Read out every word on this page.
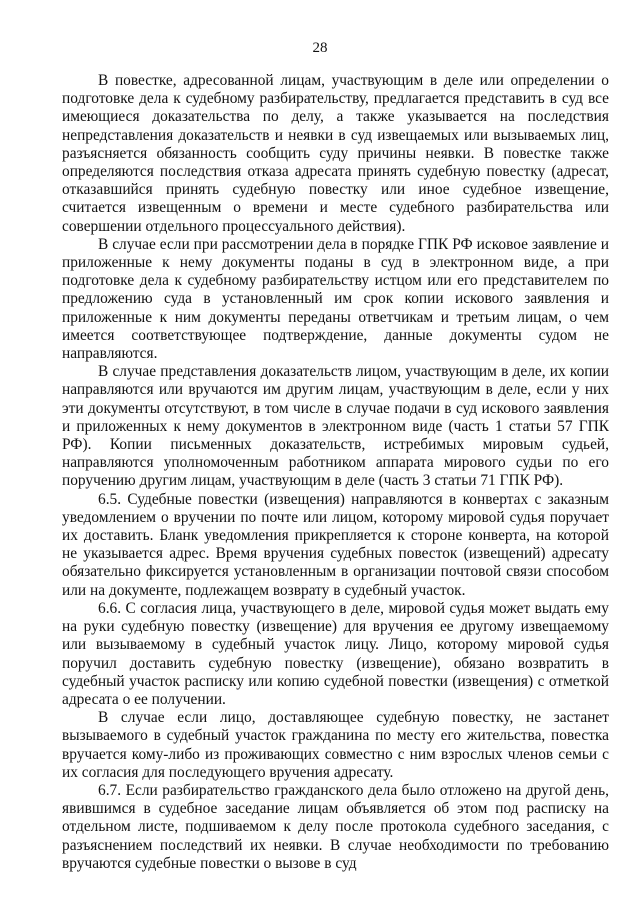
28

В повестке, адресованной лицам, участвующим в деле или определении о подготовке дела к судебному разбирательству, предлагается представить в суд все имеющиеся доказательства по делу, а также указывается на последствия непредставления доказательств и неявки в суд извещаемых или вызываемых лиц, разъясняется обязанность сообщить суду причины неявки. В повестке также определяются последствия отказа адресата принять судебную повестку (адресат, отказавшийся принять судебную повестку или иное судебное извещение, считается извещенным о времени и месте судебного разбирательства или совершении отдельного процессуального действия).

В случае если при рассмотрении дела в порядке ГПК РФ исковое заявление и приложенные к нему документы поданы в суд в электронном виде, а при подготовке дела к судебному разбирательству истцом или его представителем по предложению суда в установленный им срок копии искового заявления и приложенные к ним документы переданы ответчикам и третьим лицам, о чем имеется соответствующее подтверждение, данные документы судом не направляются.

В случае представления доказательств лицом, участвующим в деле, их копии направляются или вручаются им другим лицам, участвующим в деле, если у них эти документы отсутствуют, в том числе в случае подачи в суд искового заявления и приложенных к нему документов в электронном виде (часть 1 статьи 57 ГПК РФ). Копии письменных доказательств, истребимых мировым судьей, направляются уполномоченным работником аппарата мирового судьи по его поручению другим лицам, участвующим в деле (часть 3 статьи 71 ГПК РФ).

6.5. Судебные повестки (извещения) направляются в конвертах с заказным уведомлением о вручении по почте или лицом, которому мировой судья поручает их доставить. Бланк уведомления прикрепляется к стороне конверта, на которой не указывается адрес. Время вручения судебных повесток (извещений) адресату обязательно фиксируется установленным в организации почтовой связи способом или на документе, подлежащем возврату в судебный участок.

6.6. С согласия лица, участвующего в деле, мировой судья может выдать ему на руки судебную повестку (извещение) для вручения ее другому извещаемому или вызываемому в судебный участок лицу. Лицо, которому мировой судья поручил доставить судебную повестку (извещение), обязано возвратить в судебный участок расписку или копию судебной повестки (извещения) с отметкой адресата о ее получении.

В случае если лицо, доставляющее судебную повестку, не застанет вызываемого в судебный участок гражданина по месту его жительства, повестка вручается кому-либо из проживающих совместно с ним взрослых членов семьи с их согласия для последующего вручения адресату.

6.7. Если разбирательство гражданского дела было отложено на другой день, явившимся в судебное заседание лицам объявляется об этом под расписку на отдельном листе, подшиваемом к делу после протокола судебного заседания, с разъяснением последствий их неявки. В случае необходимости по требованию вручаются судебные повестки о вызове в суд
